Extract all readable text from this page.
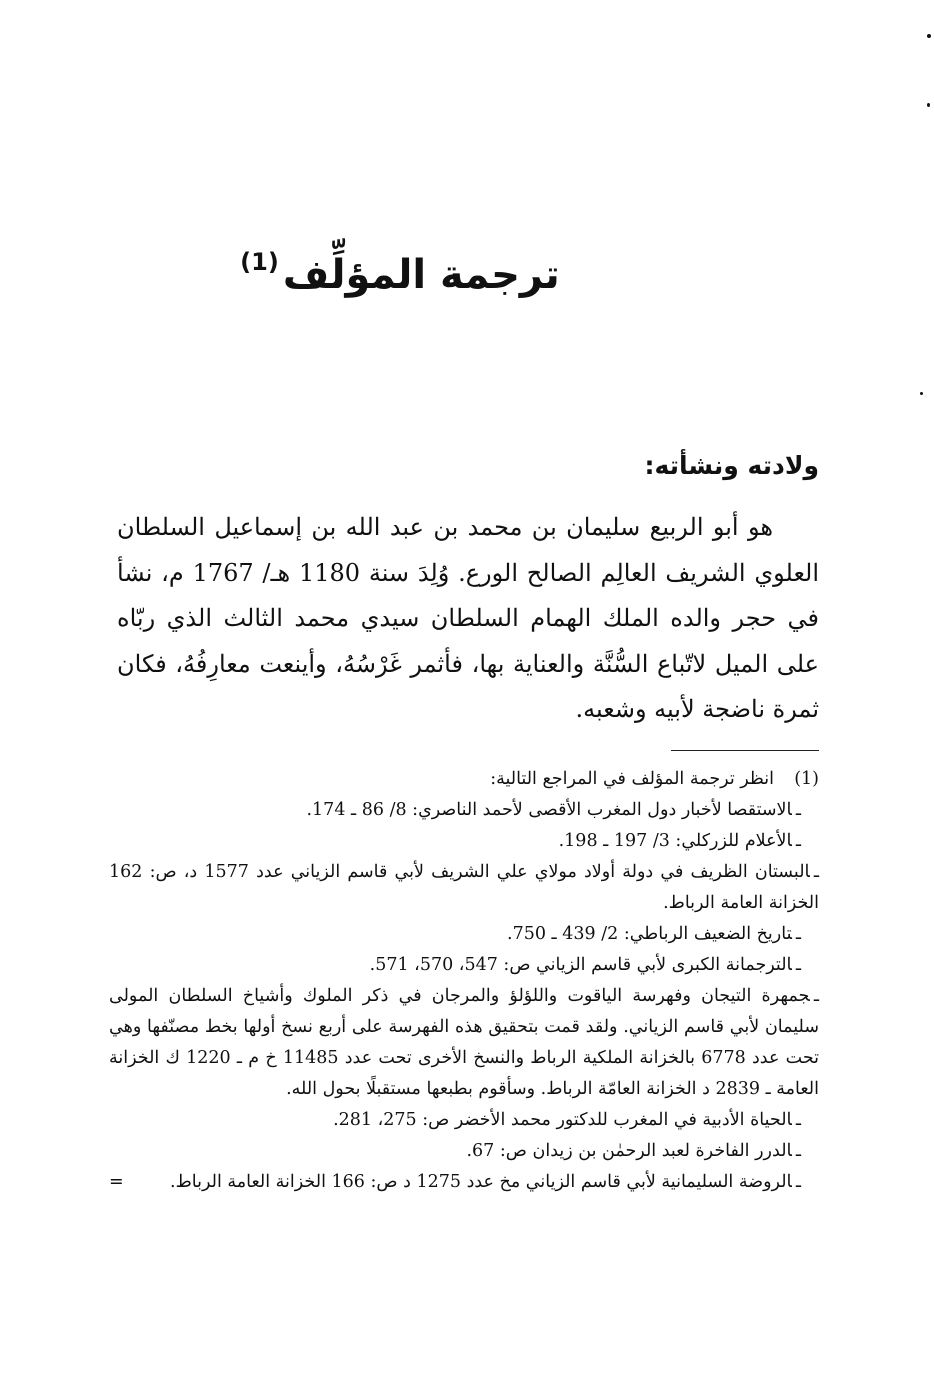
ترجمة المؤلِّف$^{(1)}$
ولادته ونشأته:

هو أبو الربيع سليمان بن محمد بن عبد الله بن إسماعيل السلطان العلوي الشريف العالِم الصالح الورع. وُلِدَ سنة 1180 هـ/ 1767 م، نشأ في حجر والده الملك الهمام السلطان سيدي محمد الثالث الذي ربّاه على الميل لاتّباع السُّنَّة والعناية بها، فأثمر غَرْسُهُ، وأينعت معارِفُهُ، فكان ثمرة ناضجة لأبيه وشعبه.

(1)
انظر ترجمة المؤلف في المراجع التالية:
ـالاستقصا لأخبار دول المغرب الأقصى لأحمد الناصري: 8/ 86 ـ 174.
ـالأعلام للزركلي: 3/ 197 ـ 198.
ـالبستان الظريف في دولة أولاد مولاي علي الشريف لأبي قاسم الزياني عدد 1577 د، ص: 162 الخزانة العامة الرباط.
ـتاريخ الضعيف الرباطي: 2/ 439 ـ 750.
ـالترجمانة الكبرى لأبي قاسم الزياني ص: 547، 570، 571.
ـجمهرة التيجان وفهرسة الياقوت واللؤلؤ والمرجان في ذكر الملوك وأشياخ السلطان المولى سليمان لأبي قاسم الزياني. ولقد قمت بتحقيق هذه الفهرسة على أربع نسخ أولها بخط مصنّفها وهي تحت عدد 6778 بالخزانة الملكية الرباط والنسخ الأخرى تحت عدد 11485 خ م ـ 1220 ك الخزانة العامة ـ 2839 د الخزانة العامّة الرباط. وسأقوم بطبعها مستقبلًا بحول الله.
ـالحياة الأدبية في المغرب للدكتور محمد الأخضر ص: 275، 281.
ـالدرر الفاخرة لعبد الرحمٰن بن زيدان ص: 67.
ـالروضة السليمانية لأبي قاسم الزياني مخ عدد 1275 د ص: 166 الخزانة العامة الرباط.
=
